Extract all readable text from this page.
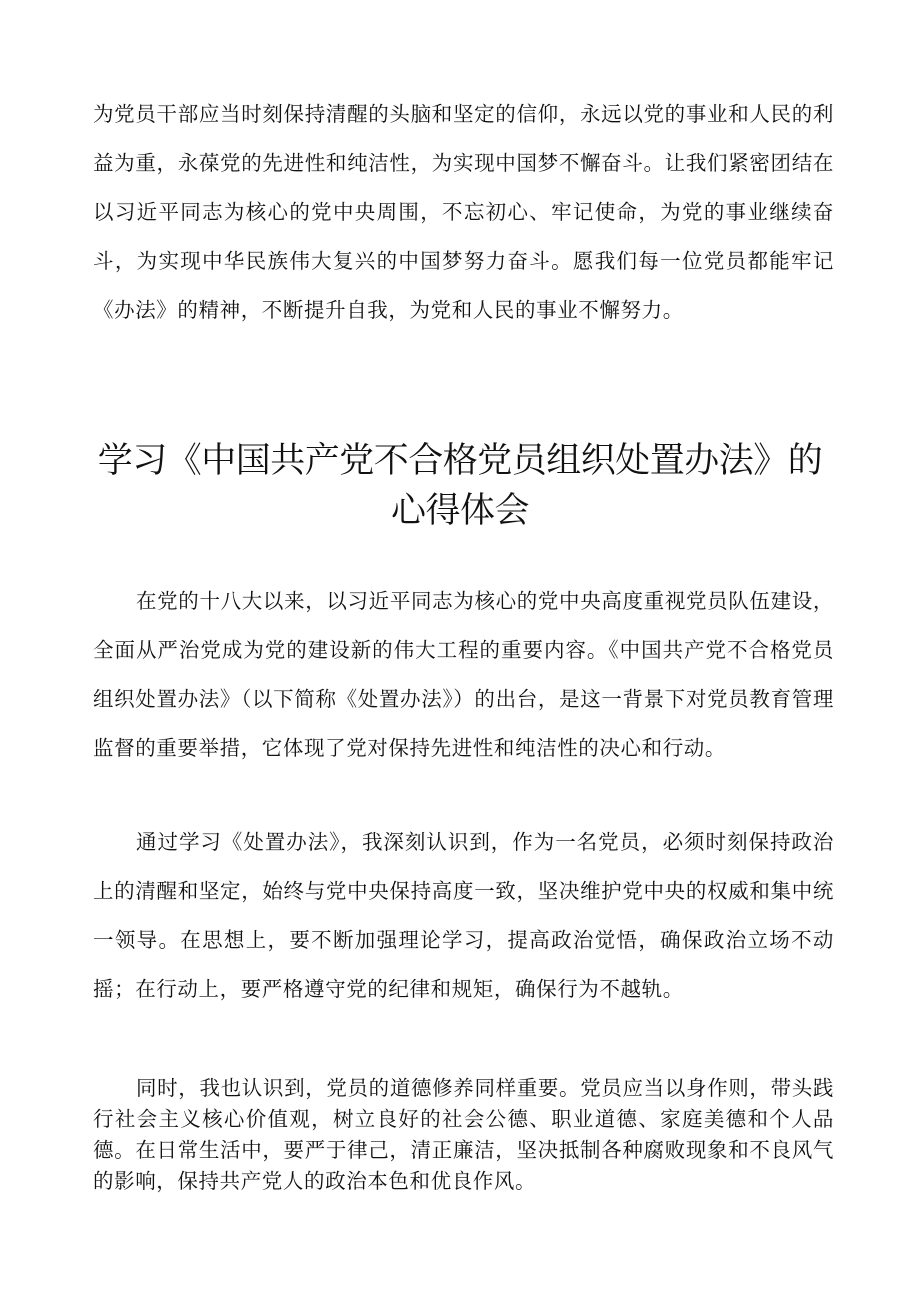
为党员干部应当时刻保持清醒的头脑和坚定的信仰，永远以党的事业和人民的利益为重，永葆党的先进性和纯洁性，为实现中国梦不懈奋斗。让我们紧密团结在以习近平同志为核心的党中央周围，不忘初心、牢记使命，为党的事业继续奋斗，为实现中华民族伟大复兴的中国梦努力奋斗。愿我们每一位党员都能牢记《办法》的精神，不断提升自我，为党和人民的事业不懈努力。

学习《中国共产党不合格党员组织处置办法》的
心得体会

在党的十八大以来，以习近平同志为核心的党中央高度重视党员队伍建设，全面从严治党成为党的建设新的伟大工程的重要内容。《中国共产党不合格党员组织处置办法》（以下简称《处置办法》）的出台，是这一背景下对党员教育管理监督的重要举措，它体现了党对保持先进性和纯洁性的决心和行动。

通过学习《处置办法》，我深刻认识到，作为一名党员，必须时刻保持政治上的清醒和坚定，始终与党中央保持高度一致，坚决维护党中央的权威和集中统一领导。在思想上，要不断加强理论学习，提高政治觉悟，确保政治立场不动摇；在行动上，要严格遵守党的纪律和规矩，确保行为不越轨。

同时，我也认识到，党员的道德修养同样重要。党员应当以身作则，带头践行社会主义核心价值观，树立良好的社会公德、职业道德、家庭美德和个人品德。在日常生活中，要严于律己，清正廉洁，坚决抵制各种腐败现象和不良风气的影响，保持共产党人的政治本色和优良作风。
